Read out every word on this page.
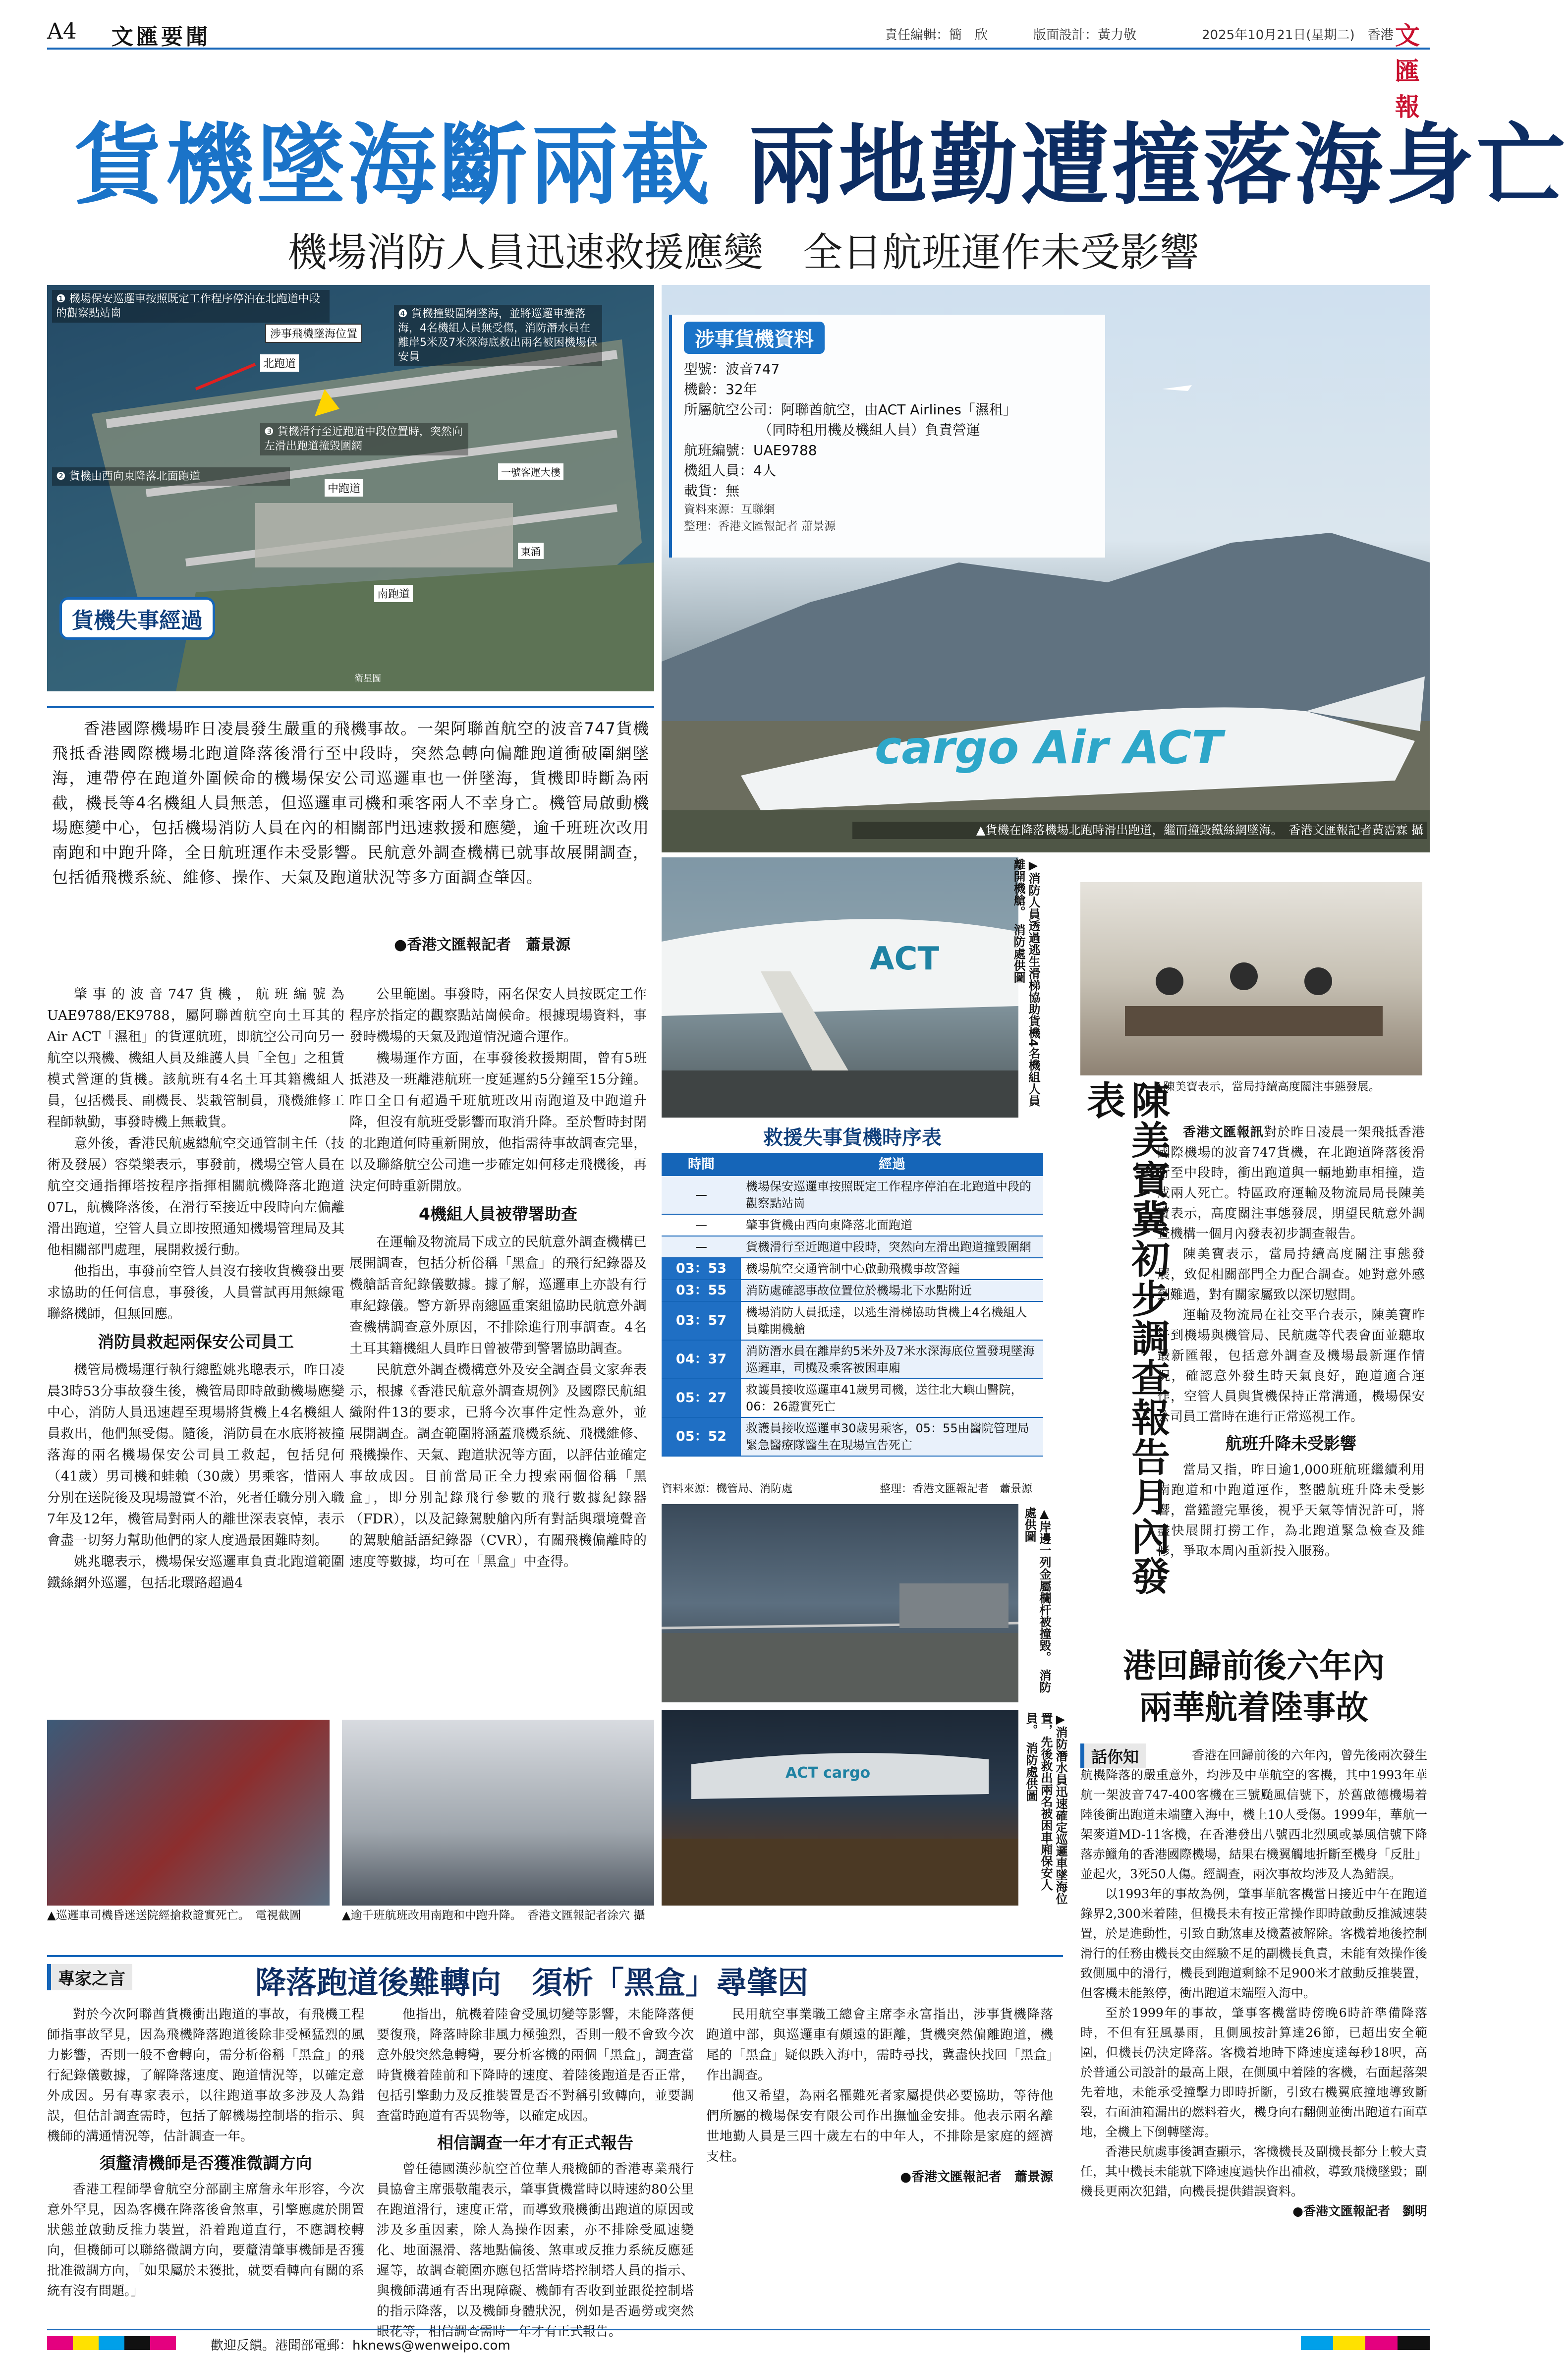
A4 文匯要聞	責任編輯：簡　欣	版面設計：黃力敬	2025年10月21日(星期二)　香港 文匯報
貨機墜海斷兩截 兩地勤遭撞落海身亡
機場消防人員迅速救援應變　全日航班運作未受影響
❶ 機場保安巡邏車按照既定工作程序停泊在北跑道中段的觀察點站崗
❷ 貨機由西向東降落北面跑道
❸ 貨機滑行至近跑道中段位置時，突然向左滑出跑道撞毀圍網
❹ 貨機撞毀圍網墜海，並將巡邏車撞落海，4名機組人員無受傷，消防潛水員在離岸5米及7米深海底救出兩名被困機場保安員
涉事飛機墜海位置
北跑道
中跑道
南跑道
一號客運大樓
東涌
貨機失事經過
衛星圖
cargo Air ACT
涉事貨機資料
型號：波音747
機齡：32年
所屬航空公司：阿聯酋航空，由ACT Airlines「濕租」
（同時租用機及機組人員）負責營運
航班編號：UAE9788
機組人員：4人
載貨：無
資料來源：互聯網
整理：香港文匯報記者 蕭景源
▲貨機在降落機場北跑時滑出跑道，繼而撞毀鐵絲網墜海。　香港文匯報記者黃霑霖 攝

香港國際機場昨日凌晨發生嚴重的飛機事故。一架阿聯酋航空的波音747貨機飛抵香港國際機場北跑道降落後滑行至中段時，突然急轉向偏離跑道衝破圍網墜海，連帶停在跑道外圍候命的機場保安公司巡邏車也一併墜海，貨機即時斷為兩截，機長等4名機組人員無恙，但巡邏車司機和乘客兩人不幸身亡。機管局啟動機場應變中心，包括機場消防人員在內的相關部門迅速救援和應變，逾千班班次改用南跑和中跑升降，全日航班運作未受影響。民航意外調查機構已就事故展開調查，包括循飛機系統、維修、操作、天氣及跑道狀況等多方面調查肇因。

●香港文匯報記者　蕭景源

肇事的波音747貨機，航班編號為UAE9788/EK9788，屬阿聯酋航空向土耳其的Air ACT「濕租」的貨運航班，即航空公司向另一航空以飛機、機組人員及維護人員「全包」之租賃模式營運的貨機。該航班有4名土耳其籍機組人員，包括機長、副機長、裝載管制員，飛機維修工程師執勤，事發時機上無載貨。

意外後，香港民航處總航空交通管制主任（技術及發展）容榮樂表示，事發前，機場空管人員在航空交通指揮塔按程序指揮相關航機降落北跑道07L，航機降落後，在滑行至接近中段時向左偏離滑出跑道，空管人員立即按照通知機場管理局及其他相關部門處理，展開救援行動。

他指出，事發前空管人員沒有接收貨機發出要求協助的任何信息，事發後，人員嘗試再用無線電聯絡機師，但無回應。

消防員救起兩保安公司員工

機管局機場運行執行總監姚兆聰表示，昨日凌晨3時53分事故發生後，機管局即時啟動機場應變中心，消防人員迅速趕至現場將貨機上4名機組人員救出，他們無受傷。隨後，消防員在水底將被撞落海的兩名機場保安公司員工救起，包括兒何（41歲）男司機和蛙賴（30歲）男乘客，惜兩人分別在送院後及現場證實不治，死者任職分別入職7年及12年，機管局對兩人的離世深表哀悼，表示會盡一切努力幫助他們的家人度過最困難時刻。

姚兆聰表示，機場保安巡邏車負責北跑道範圍鐵絲網外巡邏，包括北環路超過4

公里範圍。事發時，兩名保安人員按既定工作程序於指定的觀察點站崗候命。根據現場資料，事發時機場的天氣及跑道情況適合運作。

機場運作方面，在事發後救援期間，曾有5班抵港及一班離港航班一度延遲約5分鐘至15分鐘。昨日全日有超過千班航班改用南跑道及中跑道升降，但沒有航班受影響而取消升降。至於暫時封閉的北跑道何時重新開放，他指需待事故調查完畢，以及聯絡航空公司進一步確定如何移走飛機後，再決定何時重新開放。

4機組人員被帶署助查

在運輸及物流局下成立的民航意外調查機構已展開調查，包括分析俗稱「黑盒」的飛行紀錄器及機艙話音紀錄儀數據。據了解，巡邏車上亦設有行車紀錄儀。警方新界南總區重案組協助民航意外調查機構調查意外原因，不排除進行刑事調查。4名土耳其籍機組人員昨日曾被帶到警署協助調查。

民航意外調查機構意外及安全調查員文家奔表示，根據《香港民航意外調查規例》及國際民航組織附件13的要求，已將今次事件定性為意外，並展開調查。調查範圍將涵蓋飛機系統、飛機維修、飛機操作、天氣、跑道狀況等方面，以評估並確定事故成因。目前當局正全力搜索兩個俗稱「黑盒」，即分別記錄飛行參數的飛行數據紀錄器（FDR），以及記錄駕駛艙內所有對話與環境聲音的駕駛艙話語紀錄器（CVR），有關飛機偏離時的速度等數據，均可在「黑盒」中查得。

▲巡邏車司機昏迷送院經搶救證實死亡。　電視截圖	▲逾千班航班改用南跑和中跑升降。　香港文匯報記者涂穴 攝
ACT	▶消防人員透過逃生滑梯協助貨機4名機組人員離開機艙。　消防處供圖
救援失事貨機時序表
時間	經過
—	機場保安巡邏車按照既定工作程序停泊在北跑道中段的觀察點站崗
—	肇事貨機由西向東降落北面跑道
—	貨機滑行至近跑道中段時，突然向左滑出跑道撞毀圍網
03：53	機場航空交通管制中心啟動飛機事故警鐘
03：55	消防處確認事故位置位於機場北下水點附近
03：57	機場消防人員抵達，以逃生滑梯協助貨機上4名機組人員離開機艙
04：37	消防潛水員在離岸約5米外及7米水深海底位置發現墜海巡邏車，司機及乘客被困車廂
05：27	救護員接收巡邏車41歲男司機，送往北大嶼山醫院，06：26證實死亡
05：52	救護員接收巡邏車30歲男乘客，05：55由醫院管理局緊急醫療隊醫生在現場宣告死亡
資料來源：機管局、消防處	整理：香港文匯報記者　蕭景源
▲岸邊一列金屬欄杆被撞毀。　消防處供圖
ACT cargo	▶消防潛水員迅速確定巡邏車墜海位置，先後救出兩名被困車廂保安人員。　消防處供圖
▲陳美寶表示，當局持續高度關注事態發展。
陳美寶冀初步調查報告月內發表

香港文匯報訊對於昨日凌晨一架飛抵香港國際機場的波音747貨機，在北跑道降落後滑行至中段時，衝出跑道與一輛地勤車相撞，造成兩人死亡。特區政府運輸及物流局局長陳美寶表示，高度關注事態發展，期望民航意外調查機構一個月內發表初步調查報告。

陳美寶表示，當局持續高度關注事態發展，致促相關部門全力配合調查。她對意外感到難過，對有關家屬致以深切慰問。

運輸及物流局在社交平台表示，陳美寶昨午到機場與機管局、民航處等代表會面並聽取最新匯報，包括意外調查及機場最新運作情況，確認意外發生時天氣良好，跑道適合運作，空管人員與貨機保持正常溝通，機場保安公司員工當時在進行正常巡視工作。

航班升降未受影響

當局又指，昨日逾1,000班航班繼續利用南跑道和中跑道運作，整體航班升降未受影響，當鑑證完畢後，視乎天氣等情況許可，將盡快展開打撈工作，為北跑道緊急檢查及維修，爭取本周內重新投入服務。

港回歸前後六年內
兩華航着陸事故
話你知	香港在回歸前後的六年內，曾先後兩次發生航機降落的嚴重意外，均涉及中華航空的客機，其中1993年華航一架波音747-400客機在三號颱風信號下，於舊啟德機場着陸後衝出跑道未端墮入海中，機上10人受傷。1999年，華航一架麥道MD-11客機，在香港發出八號西北烈風或暴風信號下降落赤鱲角的香港國際機場，結果右機翼觸地折斷至機身「反肚」並起火，3死50人傷。經調查，兩次事故均涉及人為錯誤。

以1993年的事故為例，肇事華航客機當日接近中午在跑道錄界2,300米着陸，但機長未有按正常操作即時啟動反推減速裝置，於是進動性，引致自動煞車及機蓋被解除。客機着地後控制滑行的任務由機長交由經驗不足的副機長負責，未能有效操作後致側風中的滑行，機長到跑道剩餘不足900米才啟動反推裝置，但客機未能煞停，衝出跑道末端墮入海中。

至於1999年的事故，肇事客機當時傍晚6時許準備降落時，不但有狂風暴雨，且側風按計算達26節，已超出安全範圍，但機長仍決定降落。客機着地時下降速度達每秒18呎，高於普通公司設計的最高上限，在側風中着陸的客機，右面起落架先着地，未能承受撞擊力即時折斷，引致右機翼底撞地導致斷裂，右面油箱漏出的燃料着火，機身向右翻側並衝出跑道右面草地，全機上下倒轉墜海。

香港民航處事後調查顯示，客機機長及副機長都分上較大責任，其中機長未能就下降速度過快作出補救，導致飛機墜毀；副機長更兩次犯錯，向機長提供錯誤資料。

●香港文匯報記者　劉明
專家之言	降落跑道後難轉向　須析「黑盒」尋肇因

對於今次阿聯酋貨機衝出跑道的事故，有飛機工程師指事故罕見，因為飛機降落跑道後除非受極猛烈的風力影響，否則一般不會轉向，需分析俗稱「黑盒」的飛行紀錄儀數據，了解降落速度、跑道情況等，以確定意外成因。另有專家表示，以往跑道事故多涉及人為錯誤，但估計調查需時，包括了解機場控制塔的指示、與機師的溝通情況等，估計調查一年。

須釐清機師是否獲准微調方向

香港工程師學會航空分部副主席詹永年形容，今次意外罕見，因為客機在降落後會煞車，引擎應處於開置狀態並啟動反推力裝置，沿着跑道直行，不應調校轉向，但機師可以聯絡微調方向，要釐清肇事機師是否獲批准微調方向，「如果屬於未獲批，就要看轉向有關的系統有沒有問題。」

他指出，航機着陸會受風切變等影響，未能降落便要復飛，降落時除非風力極強烈，否則一般不會致今次意外般突然急轉彎，要分析客機的兩個「黑盒」，調查當時貨機着陸前和下降時的速度、着陸後跑道是否正常，包括引擎動力及反推裝置是否不對稱引致轉向，並要調查當時跑道有否異物等，以確定成因。

相信調查一年才有正式報告

曾任德國漢莎航空首位華人飛機師的香港專業飛行員協會主席張敬龍表示，肇事貨機當時以時速約80公里在跑道滑行，速度正常，而導致飛機衝出跑道的原因或涉及多重因素，除人為操作因素，亦不排除受風速變化、地面濕滑、落地點偏後、煞車或反推力系統反應延遲等，故調查範圍亦應包括當時塔控制塔人員的指示、與機師溝通有否出現障礙、機師有否收到並跟從控制塔的指示降落，以及機師身體狀況，例如是否過勞或突然眼花等，相信調查需時一年才有正式報告。

民用航空事業職工總會主席李永富指出，涉事貨機降落跑道中部，與巡邏車有頗遠的距離，貨機突然偏離跑道，機尾的「黑盒」疑似跌入海中，需時尋找，冀盡快找回「黑盒」作出調查。

他又希望，為兩名罹難死者家屬提供必要協助，等待他們所屬的機場保安有限公司作出撫恤金安排。他表示兩名離世地勤人員是三四十歲左右的中年人，不排除是家庭的經濟支柱。

●香港文匯報記者　蕭景源
歡迎反饋。港聞部電郵：hknews@wenweipo.com
